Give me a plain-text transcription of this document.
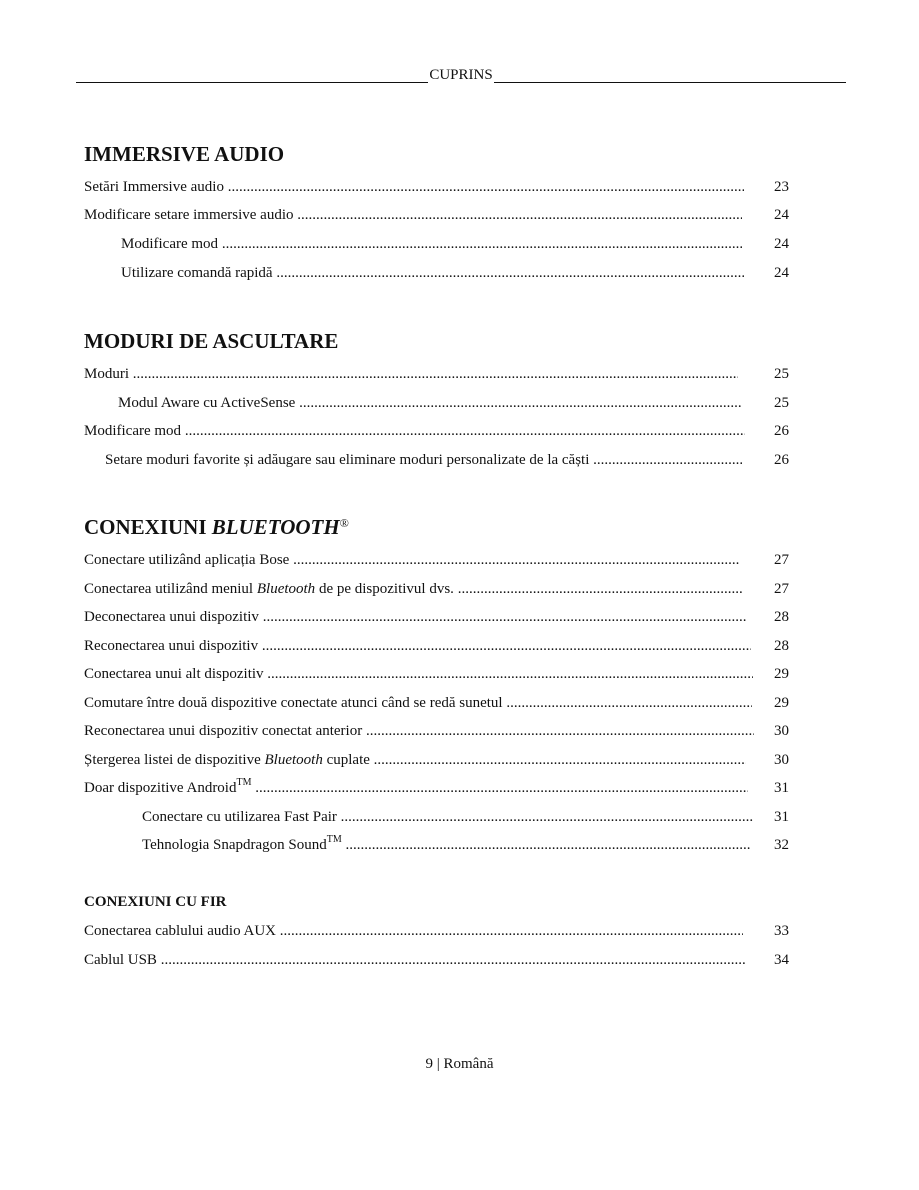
CUPRINS
IMMERSIVE AUDIO
Setări Immersive audio .....	23
Modificare setare immersive audio .....	24
Modificare mod .....	24
Utilizare comandă rapidă .....	24
MODURI DE ASCULTARE
Moduri .....	25
Modul Aware cu ActiveSense .....	25
Modificare mod .....	26
Setare moduri favorite și adăugare sau eliminare moduri personalizate de la căști .....	26
CONEXIUNI BLUETOOTH®
Conectare utilizând aplicația Bose .....	27
Conectarea utilizând meniul Bluetooth de pe dispozitivul dvs. .....	27
Deconectarea unui dispozitiv .....	28
Reconectarea unui dispozitiv .....	28
Conectarea unui alt dispozitiv .....	29
Comutare între două dispozitive conectate atunci când se redă sunetul .....	29
Reconectarea unui dispozitiv conectat anterior .....	30
Ștergerea listei de dispozitive Bluetooth cuplate .....	30
Doar dispozitive Android™ .....	31
Conectare cu utilizarea Fast Pair .....	31
Tehnologia Snapdragon Sound™ .....	32
CONEXIUNI CU FIR
Conectarea cablului audio AUX .....	33
Cablul USB .....	34
9 | Română
